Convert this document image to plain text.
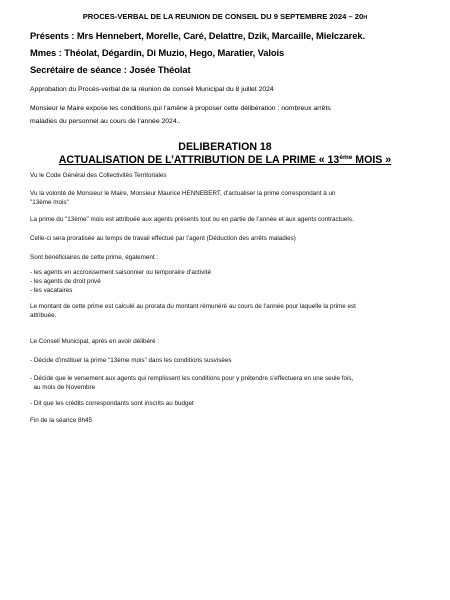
PROCES-VERBAL DE LA REUNION DE CONSEIL DU 9 SEPTEMBRE 2024 – 20H
Présents : Mrs Hennebert, Morelle, Caré, Delattre, Dzik, Marcaille, Mielczarek.
Mmes : Théolat, Dégardin, Di Muzio, Hego, Maratier, Valois
Secrétaire de séance : Josée Théolat
Approbation du Procès-verbal de la réunion de conseil Municipal du 8 juillet 2024
Monsieur le Maire expose les conditions qui l’amène à proposer cette délibération : nombreux arrêts
maladies du personnel au cours de l’année 2024..
DELIBERATION 18
ACTUALISATION DE L’ATTRIBUTION DE LA PRIME « 13ème MOIS »
Vu le Code Général des Collectivités Territoriales
Vu la volonté de Monsieur le Maire, Monsieur Maurice HENNEBERT, d’actualiser la prime correspondant à un
"13ème mois"
La prime du "13ème" mois est attribuée aux agents présents tout ou en partie de l’année et aux agents contractuels.
Celle-ci sera proratisée au temps de travail effectué par l’agent (Déduction des arrêts maladies)
Sont bénéficiaires de cette prime, également :
- les agents en accroissement saisonnier ou temporaire d’activité
- les agents de droit privé
- les vacataires
Le montant de cette prime est calculé au prorata du montant rémunéré au cours de l’année pour laquelle la prime est
attribuée.
Le Conseil Municipal, après en avoir délibéré :
- Décide d’instituer la prime "13ème mois" dans les conditions susvisées
- Décide que le versement aux agents qui remplissent les conditions pour y prétendre s’effectuera en une seule fois,
au mois de Novembre
- Dit que les crédits correspondants sont inscrits au budget
Fin de la séance 8h45
